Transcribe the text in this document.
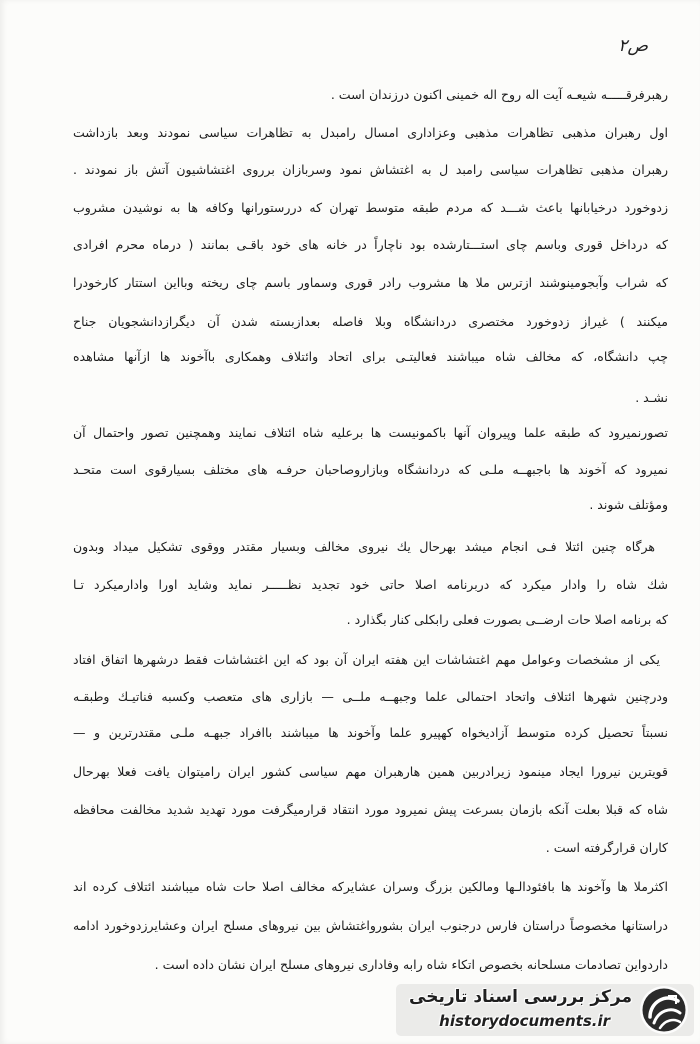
ص۲
رهبرفرقـــــه شیعـه آیت اله روح اله خمینی اکنون درزندان است .
اول رهبران مذهبی تظاهرات مذهبی وعزاداری امسال رامبدل به تظاهرات سیاسی نمودند وبعد بازداشت
رهبران مذهبی تظاهرات سیاسی رامبد ل به اغتشاش نمود وسربازان برروی اغتشاشیون آتش باز نمودند .
زدوخورد درخیابانها باعث شـــد که مردم طبقه متوسط تهران که دررستورانها وکافه ها به نوشیدن مشروب
که درداخل قوری وباسم چای استـــتارشده بود ناچاراً در خانه های خود باقـی بمانند ( درماه محرم افرادی
که شراب وآبجومینوشند ازترس ملا ها مشروب رادر قوری وسماور باسم چای ریخته وبااین استتار کارخودرا
میکنند ) غیراز زدوخورد مختصری دردانشگاه وبلا فاصله بعدازبسته شدن آن دیگرازدانشجویان جناح
چپ دانشگاه، که مخالف شاه میباشند فعالیتـی برای اتحاد وائتلاف وهمکاری باآخوند ها ازآنها مشاهده
نشـد .
تصورنمیرود که طبقه علما وپیروان آنها باکمونیست ها برعلیه شاه ائتلاف نمایند وهمچنین تصور واحتمال آن
نمیرود که آخوند ها باجبهــه ملـی که دردانشگاه وبازاروصاحبان حرفـه های مختلف بسیارقوی است متحـد
ومؤتلف شوند .
هرگاه چنین ائتلا فـی انجام میشد بهرحال یك نیروی مخالف وبسیار مقتدر ووقوی تشکیل میداد وبدون
شك شاه را وادار میکرد که دربرنامه اصلا حاتی خود تجدید نظـــــر نماید وشاید اورا وادارمیکرد تـا
که برنامه اصلا حات ارضــی بصورت فعلی رابکلی کنار بگذارد .
یکی از مشخصات وعوامل مهم اغتشاشات این هفته ایران آن بود که این اغتشاشات فقط درشهرها اتفاق افتاد
ودرچنین شهرها ائتلاف واتحاد احتمالی علما وجبهــه ملــی — بازاری های متعصب وکسبه فناتیـك وطبقـه
نسبتاً تحصیل کرده متوسط آزادیخواه کهپیرو علما وآخوند ها میباشند باافراد جبهـه ملـی مقتدرترین و —
قویترین نیرورا ایجاد مینمود زیرادربین همین هارهبران مهم سیاسی کشور ایران رامیتوان یافت فعلا بهرحال
شاه که قبلا بعلت آنکه بازمان بسرعت پیش نمیرود مورد انتقاد قرارمیگرفت مورد تهدید شدید مخالفت محافظه
کاران قرارگرفته است .
اکثرملا ها وآخوند ها بافئودالـها ومالکین بزرگ وسران عشایرکه مخالف اصلا حات شاه میباشند ائتلاف کرده اند
دراستانها مخصوصاً دراستان فارس درجنوب ایران بشورواغتشاش بین نیروهای مسلح ایران وعشایرزدوخورد ادامه
داردواین تصادمات مسلحانه بخصوص اتکاء شاه رابه وفاداری نیروهای مسلح ایران نشان داده است .
مرکز بررسی اسناد تاریخی
historydocuments.ir
